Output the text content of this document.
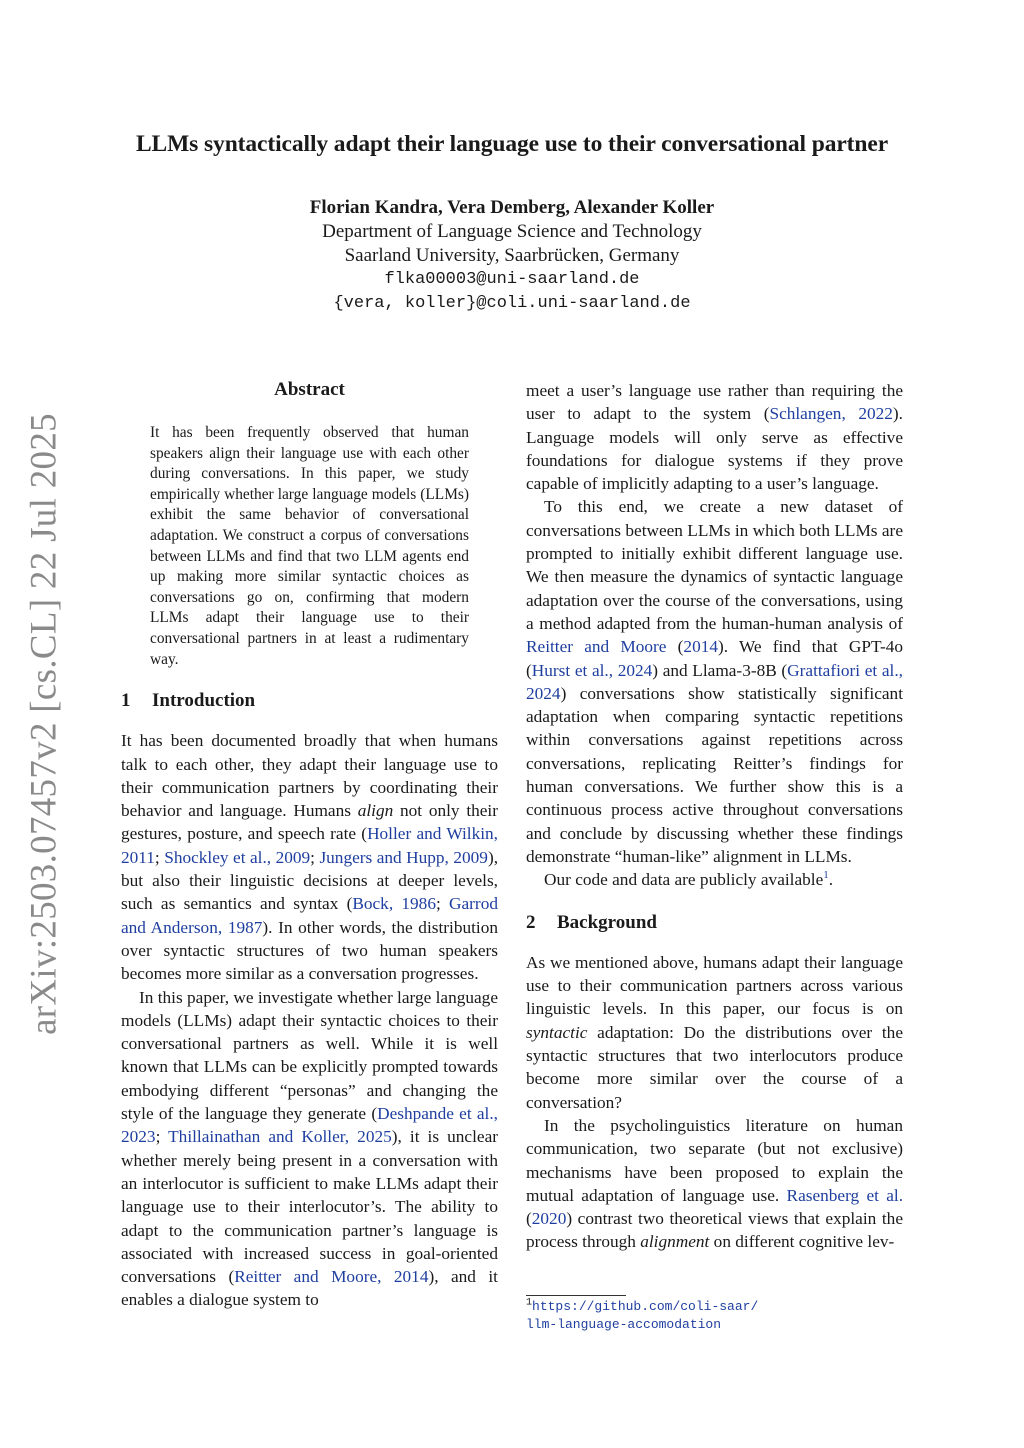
arXiv:2503.07457v2 [cs.CL] 22 Jul 2025
LLMs syntactically adapt their language use to their conversational partner
Florian Kandra, Vera Demberg, Alexander Koller
Department of Language Science and Technology
Saarland University, Saarbrücken, Germany
flka00003@uni-saarland.de
{vera, koller}@coli.uni-saarland.de
Abstract
It has been frequently observed that human speakers align their language use with each other during conversations. In this paper, we study empirically whether large language models (LLMs) exhibit the same behavior of conversational adaptation. We construct a corpus of conversations between LLMs and find that two LLM agents end up making more similar syntactic choices as conversations go on, confirming that modern LLMs adapt their language use to their conversational partners in at least a rudimentary way.
1 Introduction

It has been documented broadly that when humans talk to each other, they adapt their language use to their communication partners by coordinating their behavior and language. Humans align not only their gestures, posture, and speech rate (Holler and Wilkin, 2011; Shockley et al., 2009; Jungers and Hupp, 2009), but also their linguistic decisions at deeper levels, such as semantics and syntax (Bock, 1986; Garrod and Anderson, 1987). In other words, the distribution over syntactic structures of two human speakers becomes more similar as a conversation progresses.

In this paper, we investigate whether large language models (LLMs) adapt their syntactic choices to their conversational partners as well. While it is well known that LLMs can be explicitly prompted towards embodying different “personas” and changing the style of the language they generate (Deshpande et al., 2023; Thillainathan and Koller, 2025), it is unclear whether merely being present in a conversation with an interlocutor is sufficient to make LLMs adapt their language use to their interlocutor’s. The ability to adapt to the communication partner’s language is associated with increased success in goal-oriented conversations (Reitter and Moore, 2014), and it enables a dialogue system to

meet a user’s language use rather than requiring the user to adapt to the system (Schlangen, 2022). Language models will only serve as effective foundations for dialogue systems if they prove capable of implicitly adapting to a user’s language.

To this end, we create a new dataset of conversations between LLMs in which both LLMs are prompted to initially exhibit different language use. We then measure the dynamics of syntactic language adaptation over the course of the conversations, using a method adapted from the human-human analysis of Reitter and Moore (2014). We find that GPT-4o (Hurst et al., 2024) and Llama-3-8B (Grattafiori et al., 2024) conversations show statistically significant adaptation when comparing syntactic repetitions within conversations against repetitions across conversations, replicating Reitter’s findings for human conversations. We further show this is a continuous process active throughout conversations and conclude by discussing whether these findings demonstrate “human-like” alignment in LLMs.

Our code and data are publicly available$^1$.

2 Background

As we mentioned above, humans adapt their language use to their communication partners across various linguistic levels. In this paper, our focus is on syntactic adaptation: Do the distributions over the syntactic structures that two interlocutors produce become more similar over the course of a conversation?

In the psycholinguistics literature on human communication, two separate (but not exclusive) mechanisms have been proposed to explain the mutual adaptation of language use. Rasenberg et al. (2020) contrast two theoretical views that explain the process through alignment on different cognitive lev-

$^1$https://github.com/coli-saar/
llm-language-accomodation
